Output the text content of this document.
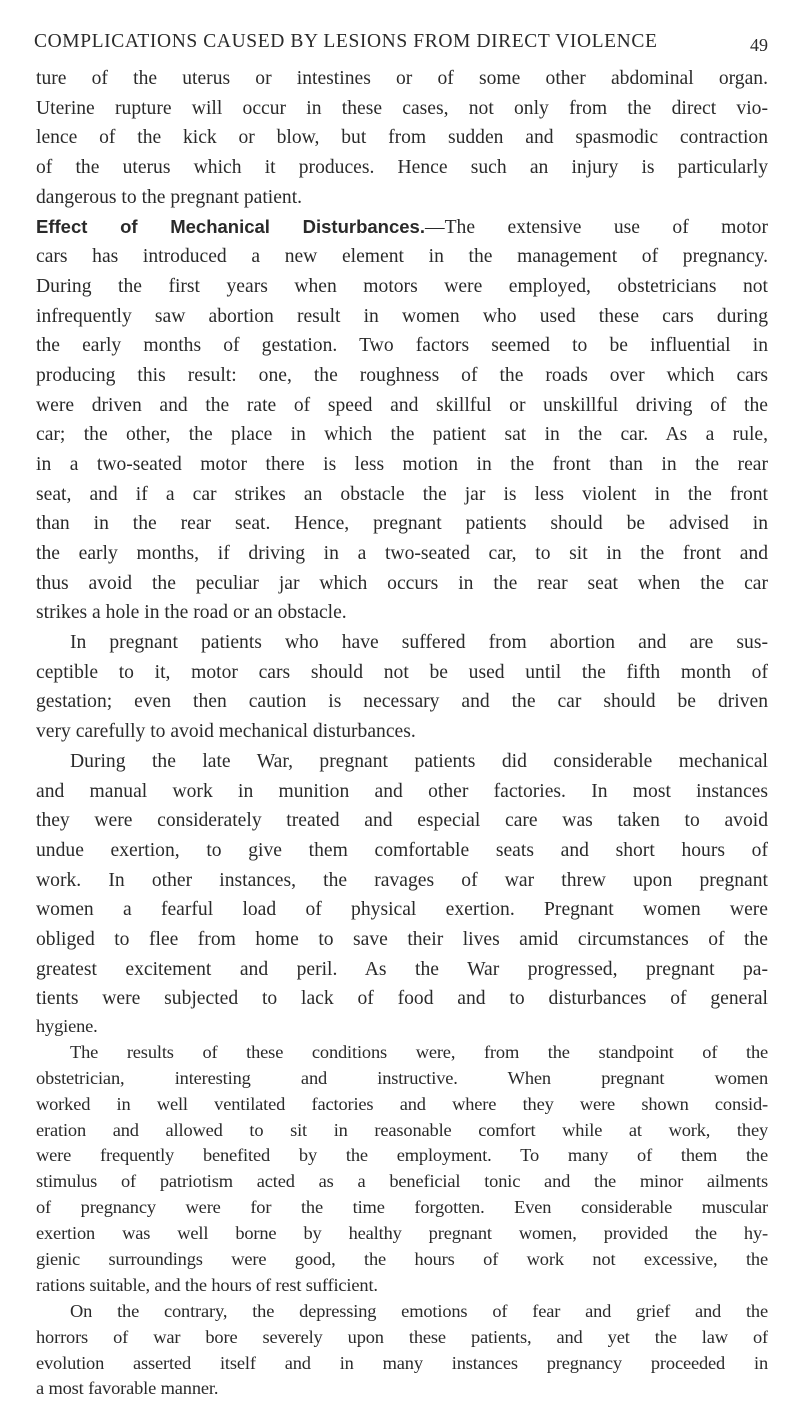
COMPLICATIONS CAUSED BY LESIONS FROM DIRECT VIOLENCE	49
ture of the uterus or intestines or of some other abdominal organ.
Uterine rupture will occur in these cases, not only from the direct vio-
lence of the kick or blow, but from sudden and spasmodic contraction
of the uterus which it produces. Hence such an injury is particularly
dangerous to the pregnant patient.
Effect of Mechanical Disturbances.—The extensive use of motor
cars has introduced a new element in the management of pregnancy.
During the first years when motors were employed, obstetricians not
infrequently saw abortion result in women who used these cars during
the early months of gestation. Two factors seemed to be influential in
producing this result: one, the roughness of the roads over which cars
were driven and the rate of speed and skillful or unskillful driving of the
car; the other, the place in which the patient sat in the car. As a rule,
in a two-seated motor there is less motion in the front than in the rear
seat, and if a car strikes an obstacle the jar is less violent in the front
than in the rear seat. Hence, pregnant patients should be advised in
the early months, if driving in a two-seated car, to sit in the front and
thus avoid the peculiar jar which occurs in the rear seat when the car
strikes a hole in the road or an obstacle.
In pregnant patients who have suffered from abortion and are sus-
ceptible to it, motor cars should not be used until the fifth month of
gestation; even then caution is necessary and the car should be driven
very carefully to avoid mechanical disturbances.
During the late War, pregnant patients did considerable mechanical
and manual work in munition and other factories. In most instances
they were considerately treated and especial care was taken to avoid
undue exertion, to give them comfortable seats and short hours of
work. In other instances, the ravages of war threw upon pregnant
women a fearful load of physical exertion. Pregnant women were
obliged to flee from home to save their lives amid circumstances of the
greatest excitement and peril. As the War progressed, pregnant pa-
tients were subjected to lack of food and to disturbances of general
hygiene.
The results of these conditions were, from the standpoint of the
obstetrician, interesting and instructive. When pregnant women
worked in well ventilated factories and where they were shown consid-
eration and allowed to sit in reasonable comfort while at work, they
were frequently benefited by the employment. To many of them the
stimulus of patriotism acted as a beneficial tonic and the minor ailments
of pregnancy were for the time forgotten. Even considerable muscular
exertion was well borne by healthy pregnant women, provided the hy-
gienic surroundings were good, the hours of work not excessive, the
rations suitable, and the hours of rest sufficient.
On the contrary, the depressing emotions of fear and grief and the
horrors of war bore severely upon these patients, and yet the law of
evolution asserted itself and in many instances pregnancy proceeded in
a most favorable manner.
